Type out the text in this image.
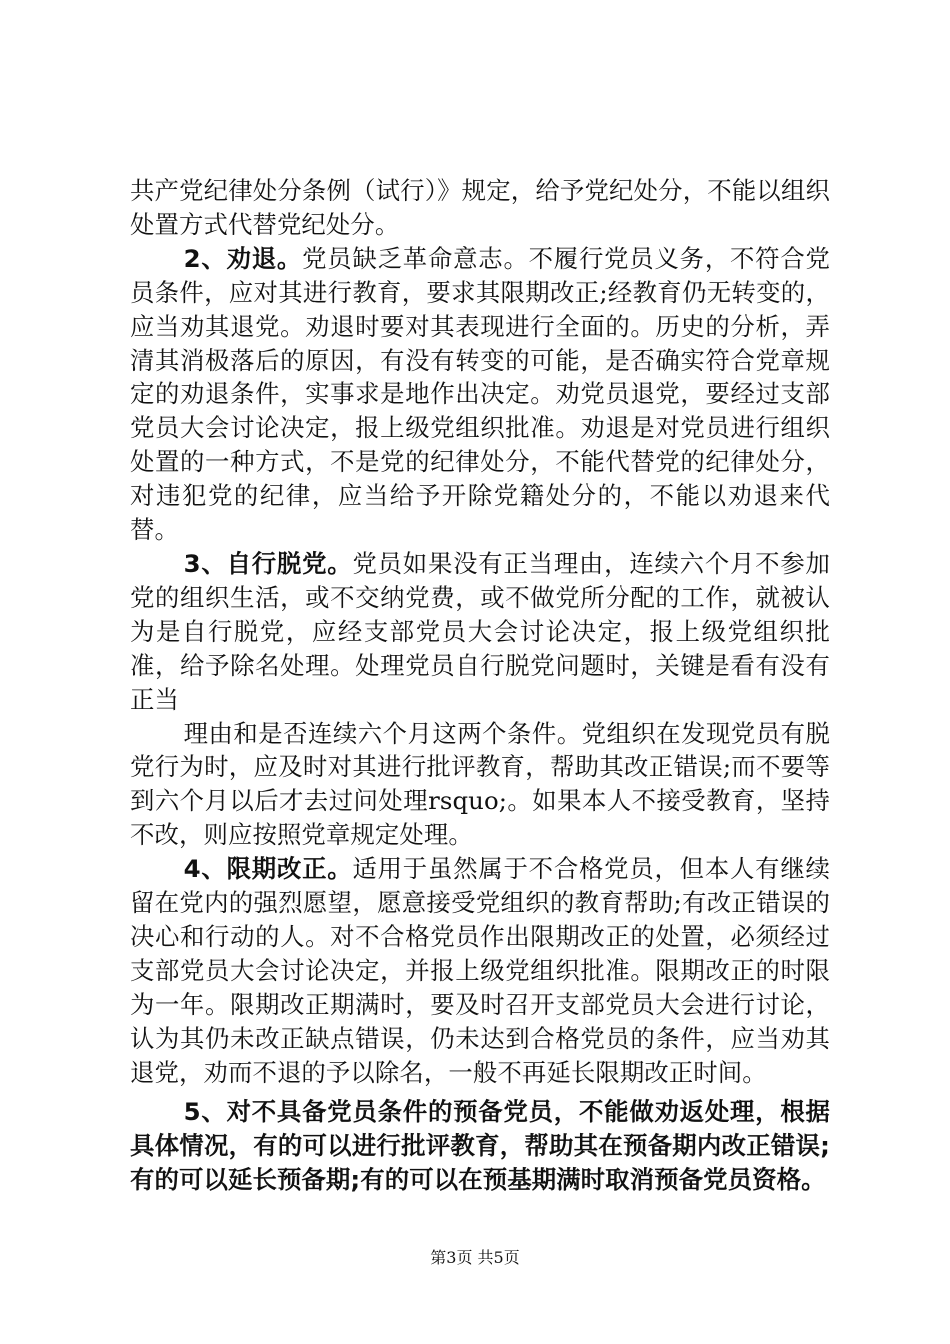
共产党纪律处分条例（试行）》规定，给予党纪处分，不能以组织处置方式代替党纪处分。

2、劝退。党员缺乏革命意志。不履行党员义务，不符合党员条件，应对其进行教育，要求其限期改正;经教育仍无转变的，应当劝其退党。劝退时要对其表现进行全面的。历史的分析，弄清其消极落后的原因，有没有转变的可能，是否确实符合党章规定的劝退条件，实事求是地作出决定。劝党员退党，要经过支部党员大会讨论决定，报上级党组织批准。劝退是对党员进行组织处置的一种方式，不是党的纪律处分，不能代替党的纪律处分，对违犯党的纪律，应当给予开除党籍处分的，不能以劝退来代替。

3、自行脱党。党员如果没有正当理由，连续六个月不参加党的组织生活，或不交纳党费，或不做党所分配的工作，就被认为是自行脱党，应经支部党员大会讨论决定，报上级党组织批准，给予除名处理。处理党员自行脱党问题时，关键是看有没有正当

理由和是否连续六个月这两个条件。党组织在发现党员有脱党行为时，应及时对其进行批评教育，帮助其改正错误;而不要等到六个月以后才去过问处理rsquo;。如果本人不接受教育，坚持不改，则应按照党章规定处理。

4、限期改正。适用于虽然属于不合格党员，但本人有继续留在党内的强烈愿望，愿意接受党组织的教育帮助;有改正错误的决心和行动的人。对不合格党员作出限期改正的处置，必须经过支部党员大会讨论决定，并报上级党组织批准。限期改正的时限为一年。限期改正期满时，要及时召开支部党员大会进行讨论，认为其仍未改正缺点错误，仍未达到合格党员的条件，应当劝其退党，劝而不退的予以除名，一般不再延长限期改正时间。

5、对不具备党员条件的预备党员，不能做劝返处理，根据具体情况，有的可以进行批评教育，帮助其在预备期内改正错误;有的可以延长预备期;有的可以在预基期满时取消预备党员资格。

第3页 共5页
